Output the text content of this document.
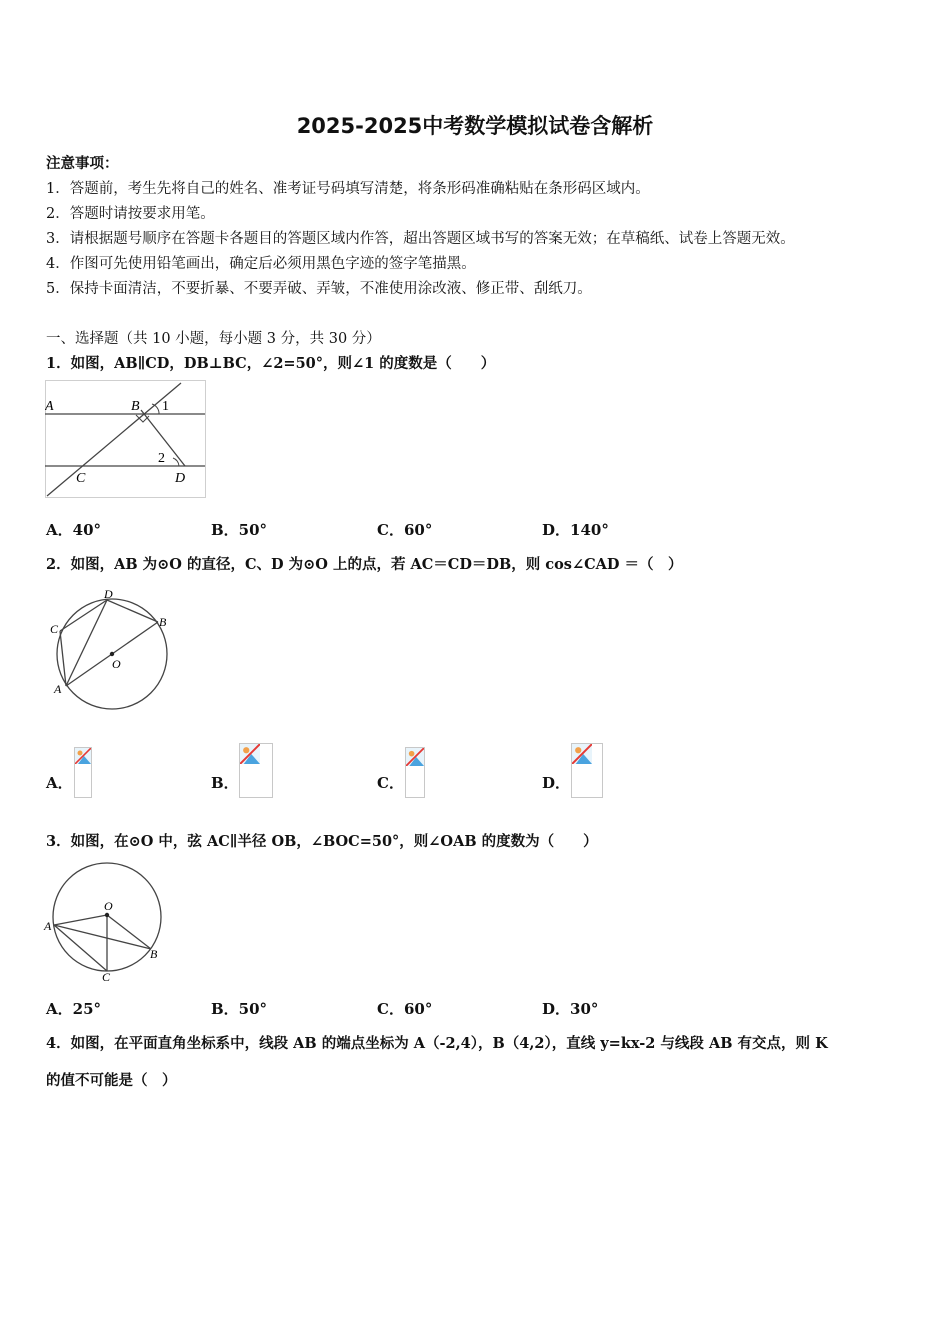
2025-2025中考数学模拟试卷含解析
注意事项：
1．答题前，考生先将自己的姓名、准考证号码填写清楚，将条形码准确粘贴在条形码区域内。
2．答题时请按要求用笔。
3．请根据题号顺序在答题卡各题目的答题区域内作答，超出答题区域书写的答案无效；在草稿纸、试卷上答题无效。
4．作图可先使用铅笔画出，确定后必须用黑色字迹的签字笔描黑。
5．保持卡面清洁，不要折暴、不要弄破、弄皱，不准使用涂改液、修正带、刮纸刀。
一、选择题（共 10 小题，每小题 3 分，共 30 分）
1．如图，AB∥CD，DB⊥BC，∠2=50°，则∠1 的度数是（　　）
A	B 1
2
C	D
A．40°	B．50°	C．60°	D．140°
2．如图，AB 为⊙O 的直径，C、D 为⊙O 上的点，若 AC＝CD＝DB，则 cos∠CAD ＝（　）
A
B
C
D
O
A．	B．	C．	D．
3．如图，在⊙O 中，弦 AC∥半径 OB，∠BOC=50°，则∠OAB 的度数为（　　）
A
B
C
O
A．25°	B．50°	C．60°	D．30°
4．如图，在平面直角坐标系中，线段 AB 的端点坐标为 A（-2,4），B（4,2），直线 y=kx-2 与线段 AB 有交点，则 K
的值不可能是（　）
